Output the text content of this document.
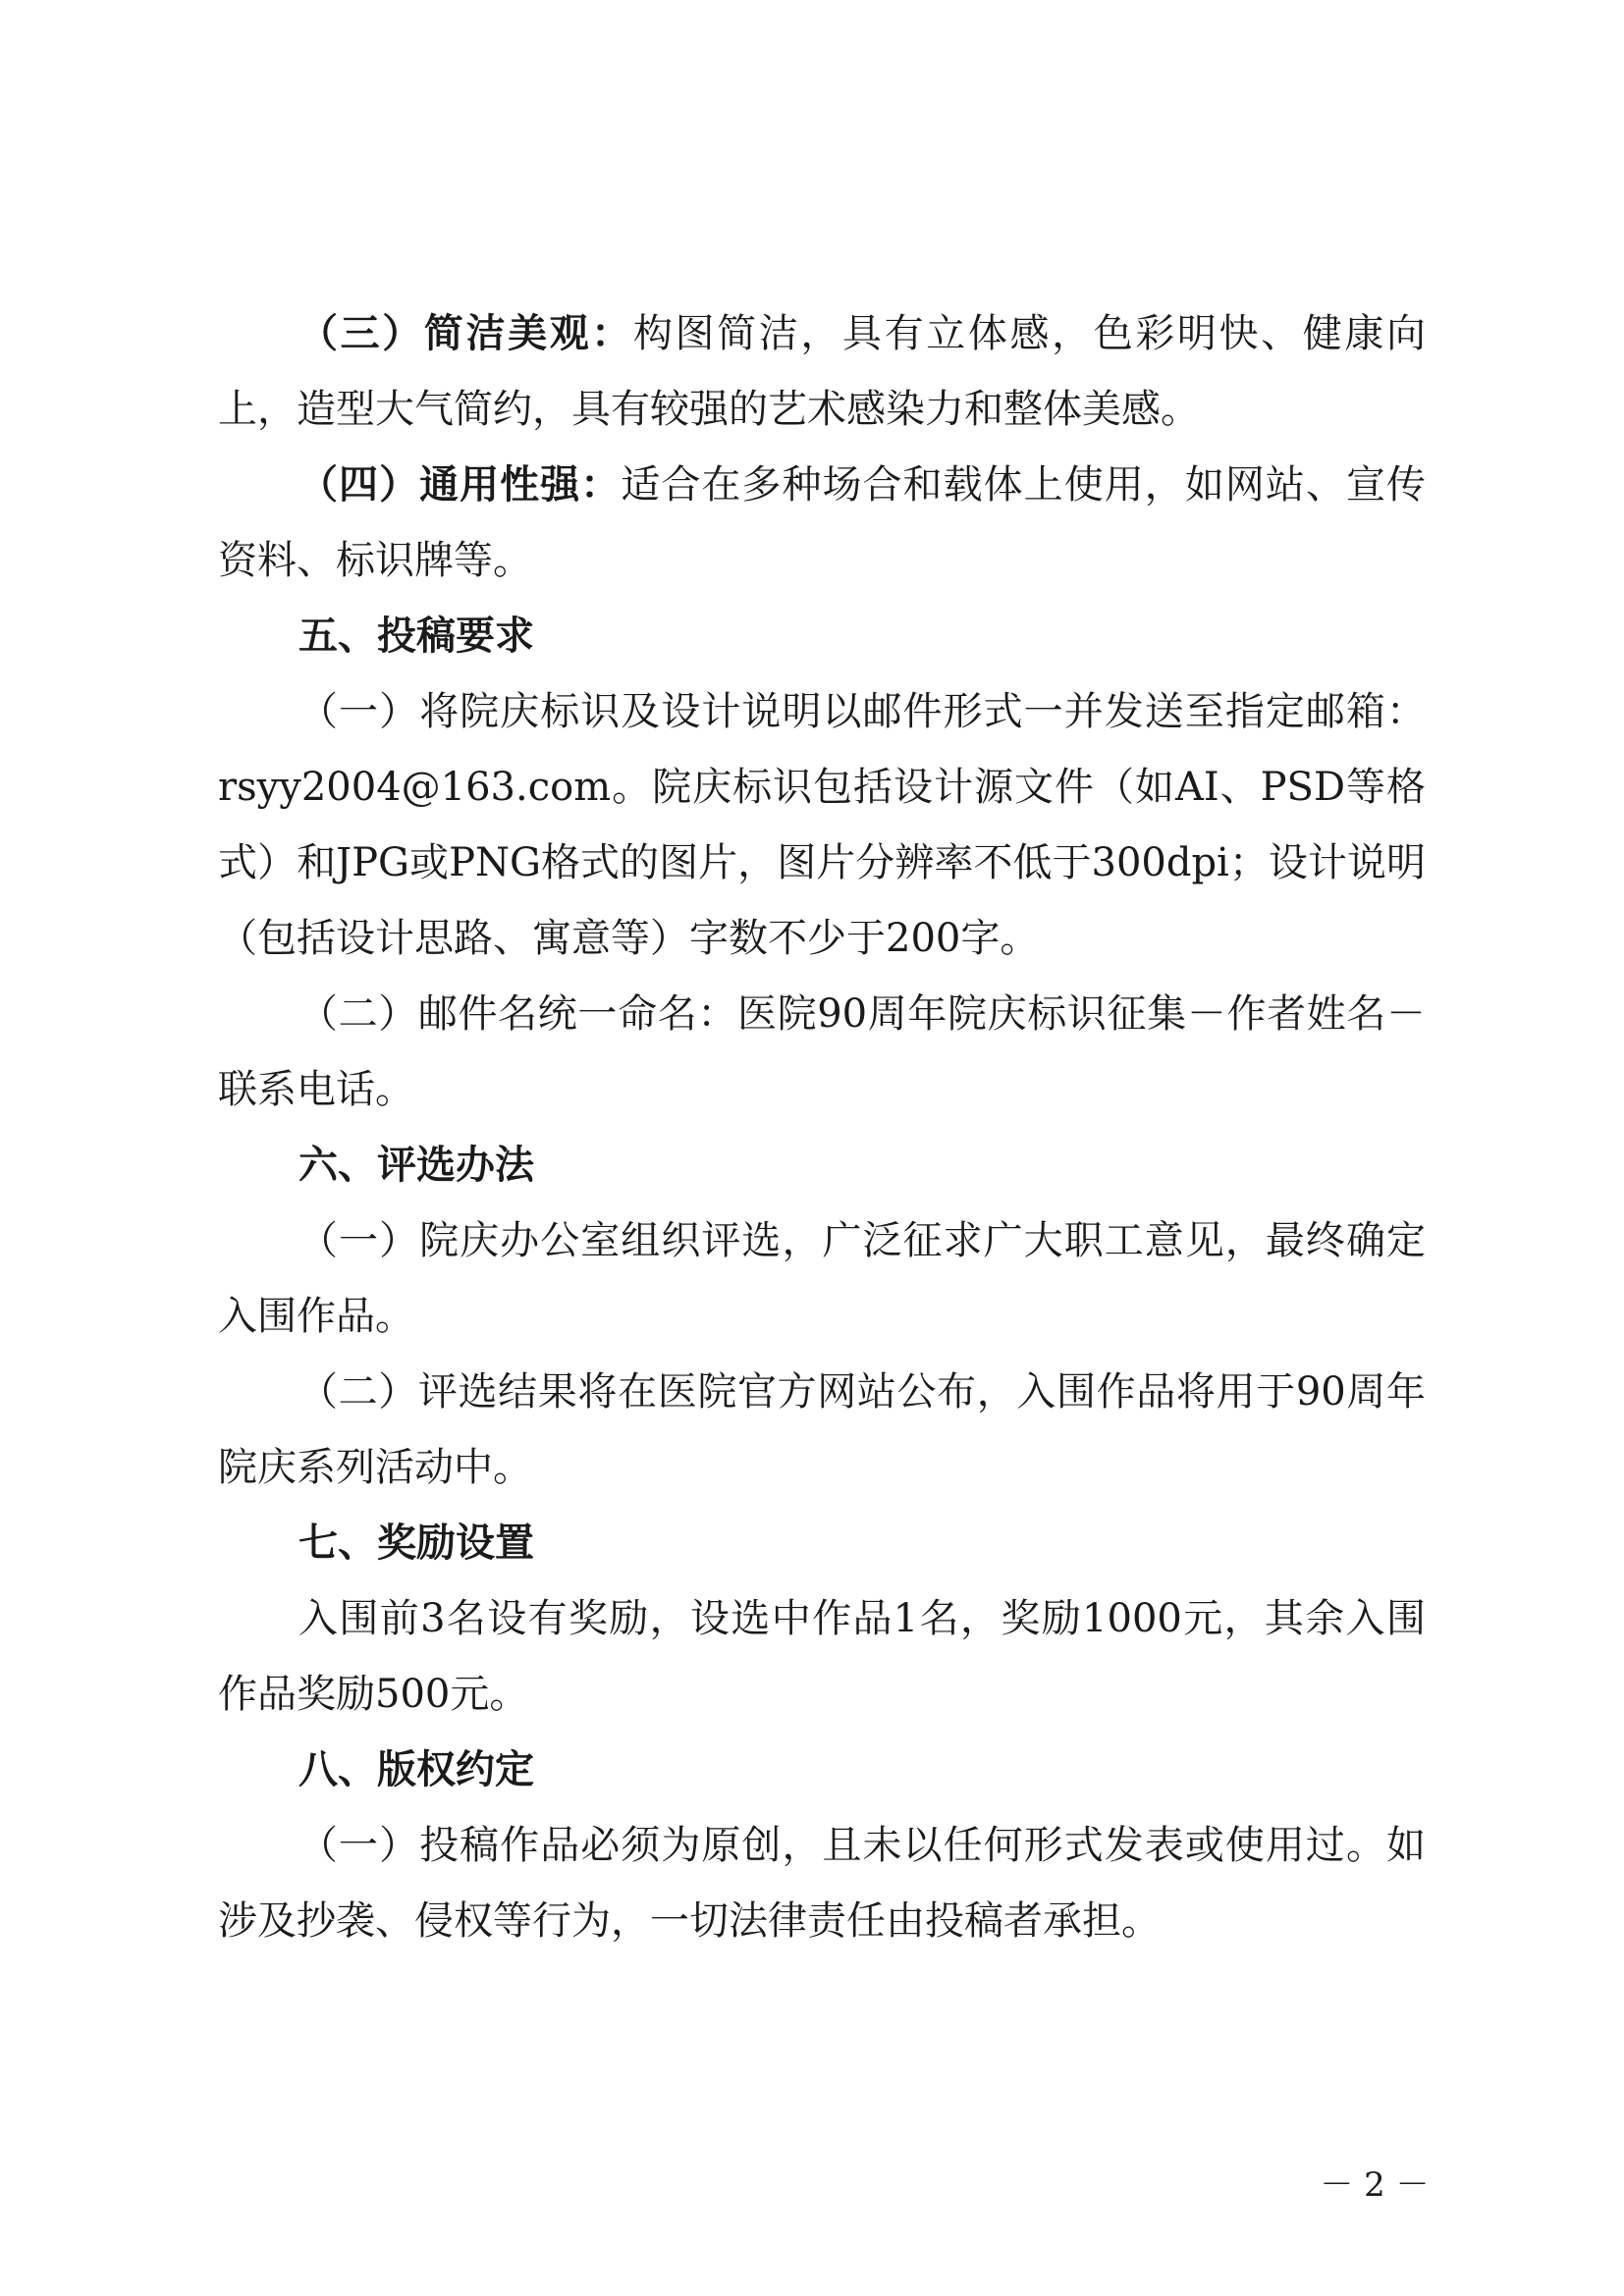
（三）简洁美观：构图简洁，具有立体感，色彩明快、健康向上，造型大气简约，具有较强的艺术感染力和整体美感。

（四）通用性强：适合在多种场合和载体上使用，如网站、宣传资料、标识牌等。

五、投稿要求

（一）将院庆标识及设计说明以邮件形式一并发送至指定邮箱：rsyy2004@163.com。院庆标识包括设计源文件（如AI、PSD等格式）和JPG或PNG格式的图片，图片分辨率不低于300dpi；设计说明（包括设计思路、寓意等）字数不少于200字。

（二）邮件名统一命名：医院90周年院庆标识征集－作者姓名－联系电话。

六、评选办法

（一）院庆办公室组织评选，广泛征求广大职工意见，最终确定入围作品。

（二）评选结果将在医院官方网站公布，入围作品将用于90周年院庆系列活动中。

七、奖励设置

入围前3名设有奖励，设选中作品1名，奖励1000元，其余入围作品奖励500元。

八、版权约定

（一）投稿作品必须为原创，且未以任何形式发表或使用过。如涉及抄袭、侵权等行为，一切法律责任由投稿者承担。

－ 2 －
